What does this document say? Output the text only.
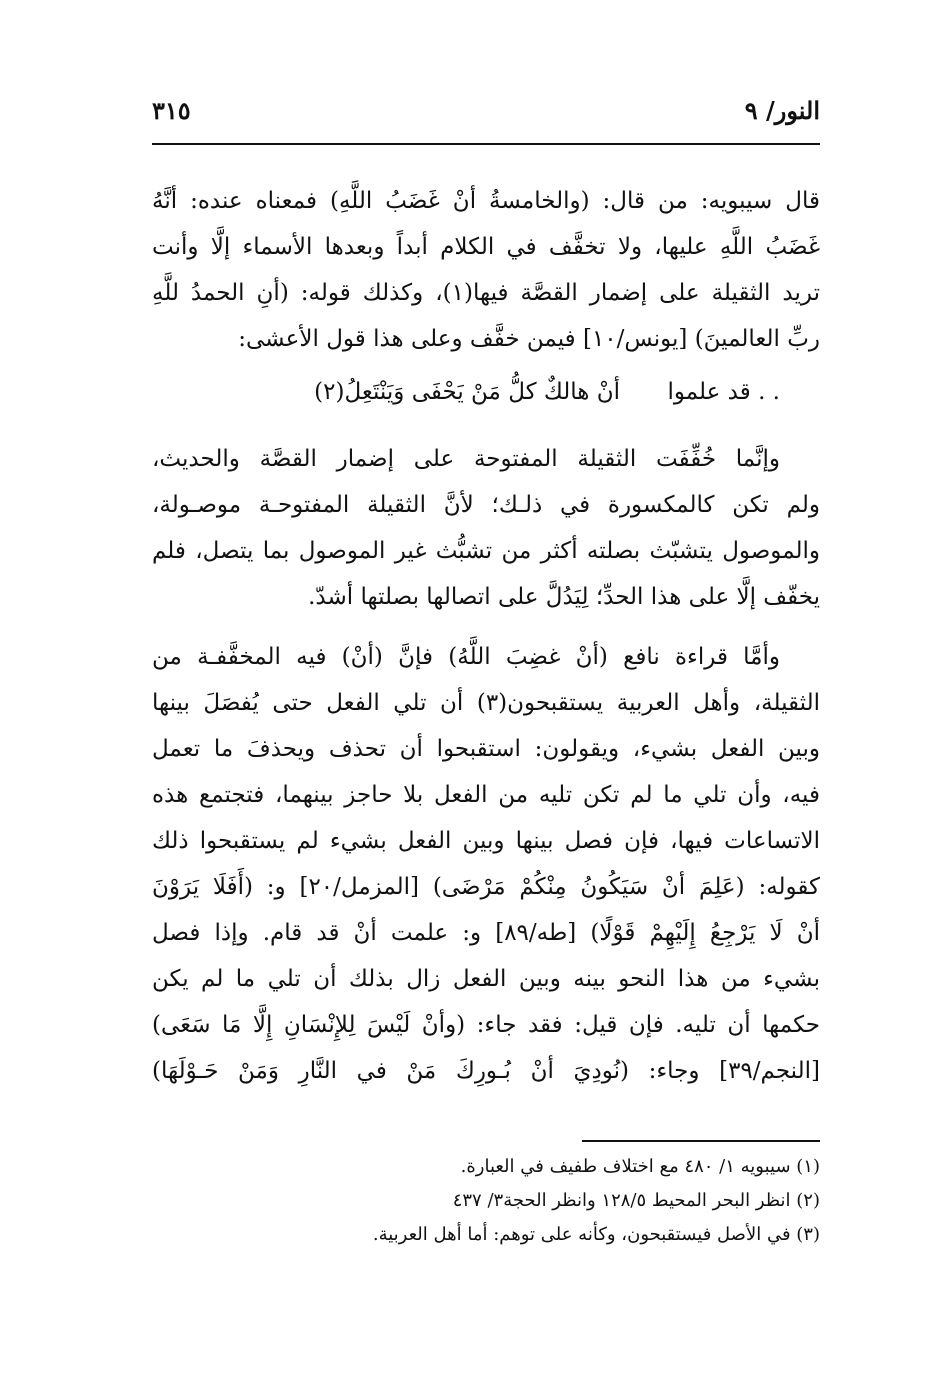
النور/ ٩
٣١٥
قال سيبويه: من قال: (والخامسةُ أنْ غَضَبُ اللَّهِ) فمعناه عنده: أنَّهُ
غَضَبُ اللَّهِ عليها، ولا تخفَّف في الكلام أبداً وبعدها الأسماء إلَّا وأنت
تريد الثقيلة على إضمار القصَّة فيها(١)، وكذلك قوله: (أنِ الحمدُ للَّهِ
ربِّ العالمينَ) [يونس/١٠] فيمن خفَّف وعلى هذا قول الأعشى:
. . قد علموا
أنْ هالكٌ كلُّ مَنْ يَحْفَى وَيَنْتَعِلُ(٢)
وإنَّما خُفِّفَت الثقيلة المفتوحة على إضمار القصَّة والحديث،
ولم تكن كالمكسورة في ذلـك؛ لأنَّ الثقيلة المفتوحـة موصـولة،
والموصول يتشبّث بصلته أكثر من تشبُّث غير الموصول بما يتصل، فلم
يخفّف إلَّا على هذا الحدِّ؛ لِيَدُلَّ على اتصالها بصلتها أشدّ.
وأمَّا قراءة نافع (أنْ غضِبَ اللَّهُ) فإنَّ (أنْ) فيه المخفَّفـة من
الثقيلة، وأهل العربية يستقبحون(٣) أن تلي الفعل حتى يُفصَلَ بينها
وبين الفعل بشيء، ويقولون: استقبحوا أن تحذف ويحذفَ ما تعمل
فيه، وأن تلي ما لم تكن تليه من الفعل بلا حاجز بينهما، فتجتمع هذه
الاتساعات فيها، فإن فصل بينها وبين الفعل بشيء لم يستقبحوا ذلك
كقوله: (عَلِمَ أنْ سَيَكُونُ مِنْكُمْ مَرْضَى) [المزمل/٢٠] و: (أَفَلَا يَرَوْنَ
أنْ لَا يَرْجِعُ إِلَيْهِمْ قَوْلًا) [طه/٨٩] و: علمت أنْ قد قام. وإذا فصل
بشيء من هذا النحو بينه وبين الفعل زال بذلك أن تلي ما لم يكن
حكمها أن تليه. فإن قيل: فقد جاء: (وأنْ لَيْسَ لِلإِنْسَانِ إِلَّا مَا سَعَى)
[النجم/٣٩] وجاء: (نُودِيَ أنْ بُـورِكَ مَنْ في النَّارِ وَمَنْ حَـوْلَهَا)
(١) سيبويه ١/ ٤٨٠ مع اختلاف طفيف في العبارة.
(٢) انظر البحر المحيط ١٢٨/٥ وانظر الحجة٣/ ٤٣٧
(٣) في الأصل فيستقبحون، وكأنه على توهم: أما أهل العربية.
